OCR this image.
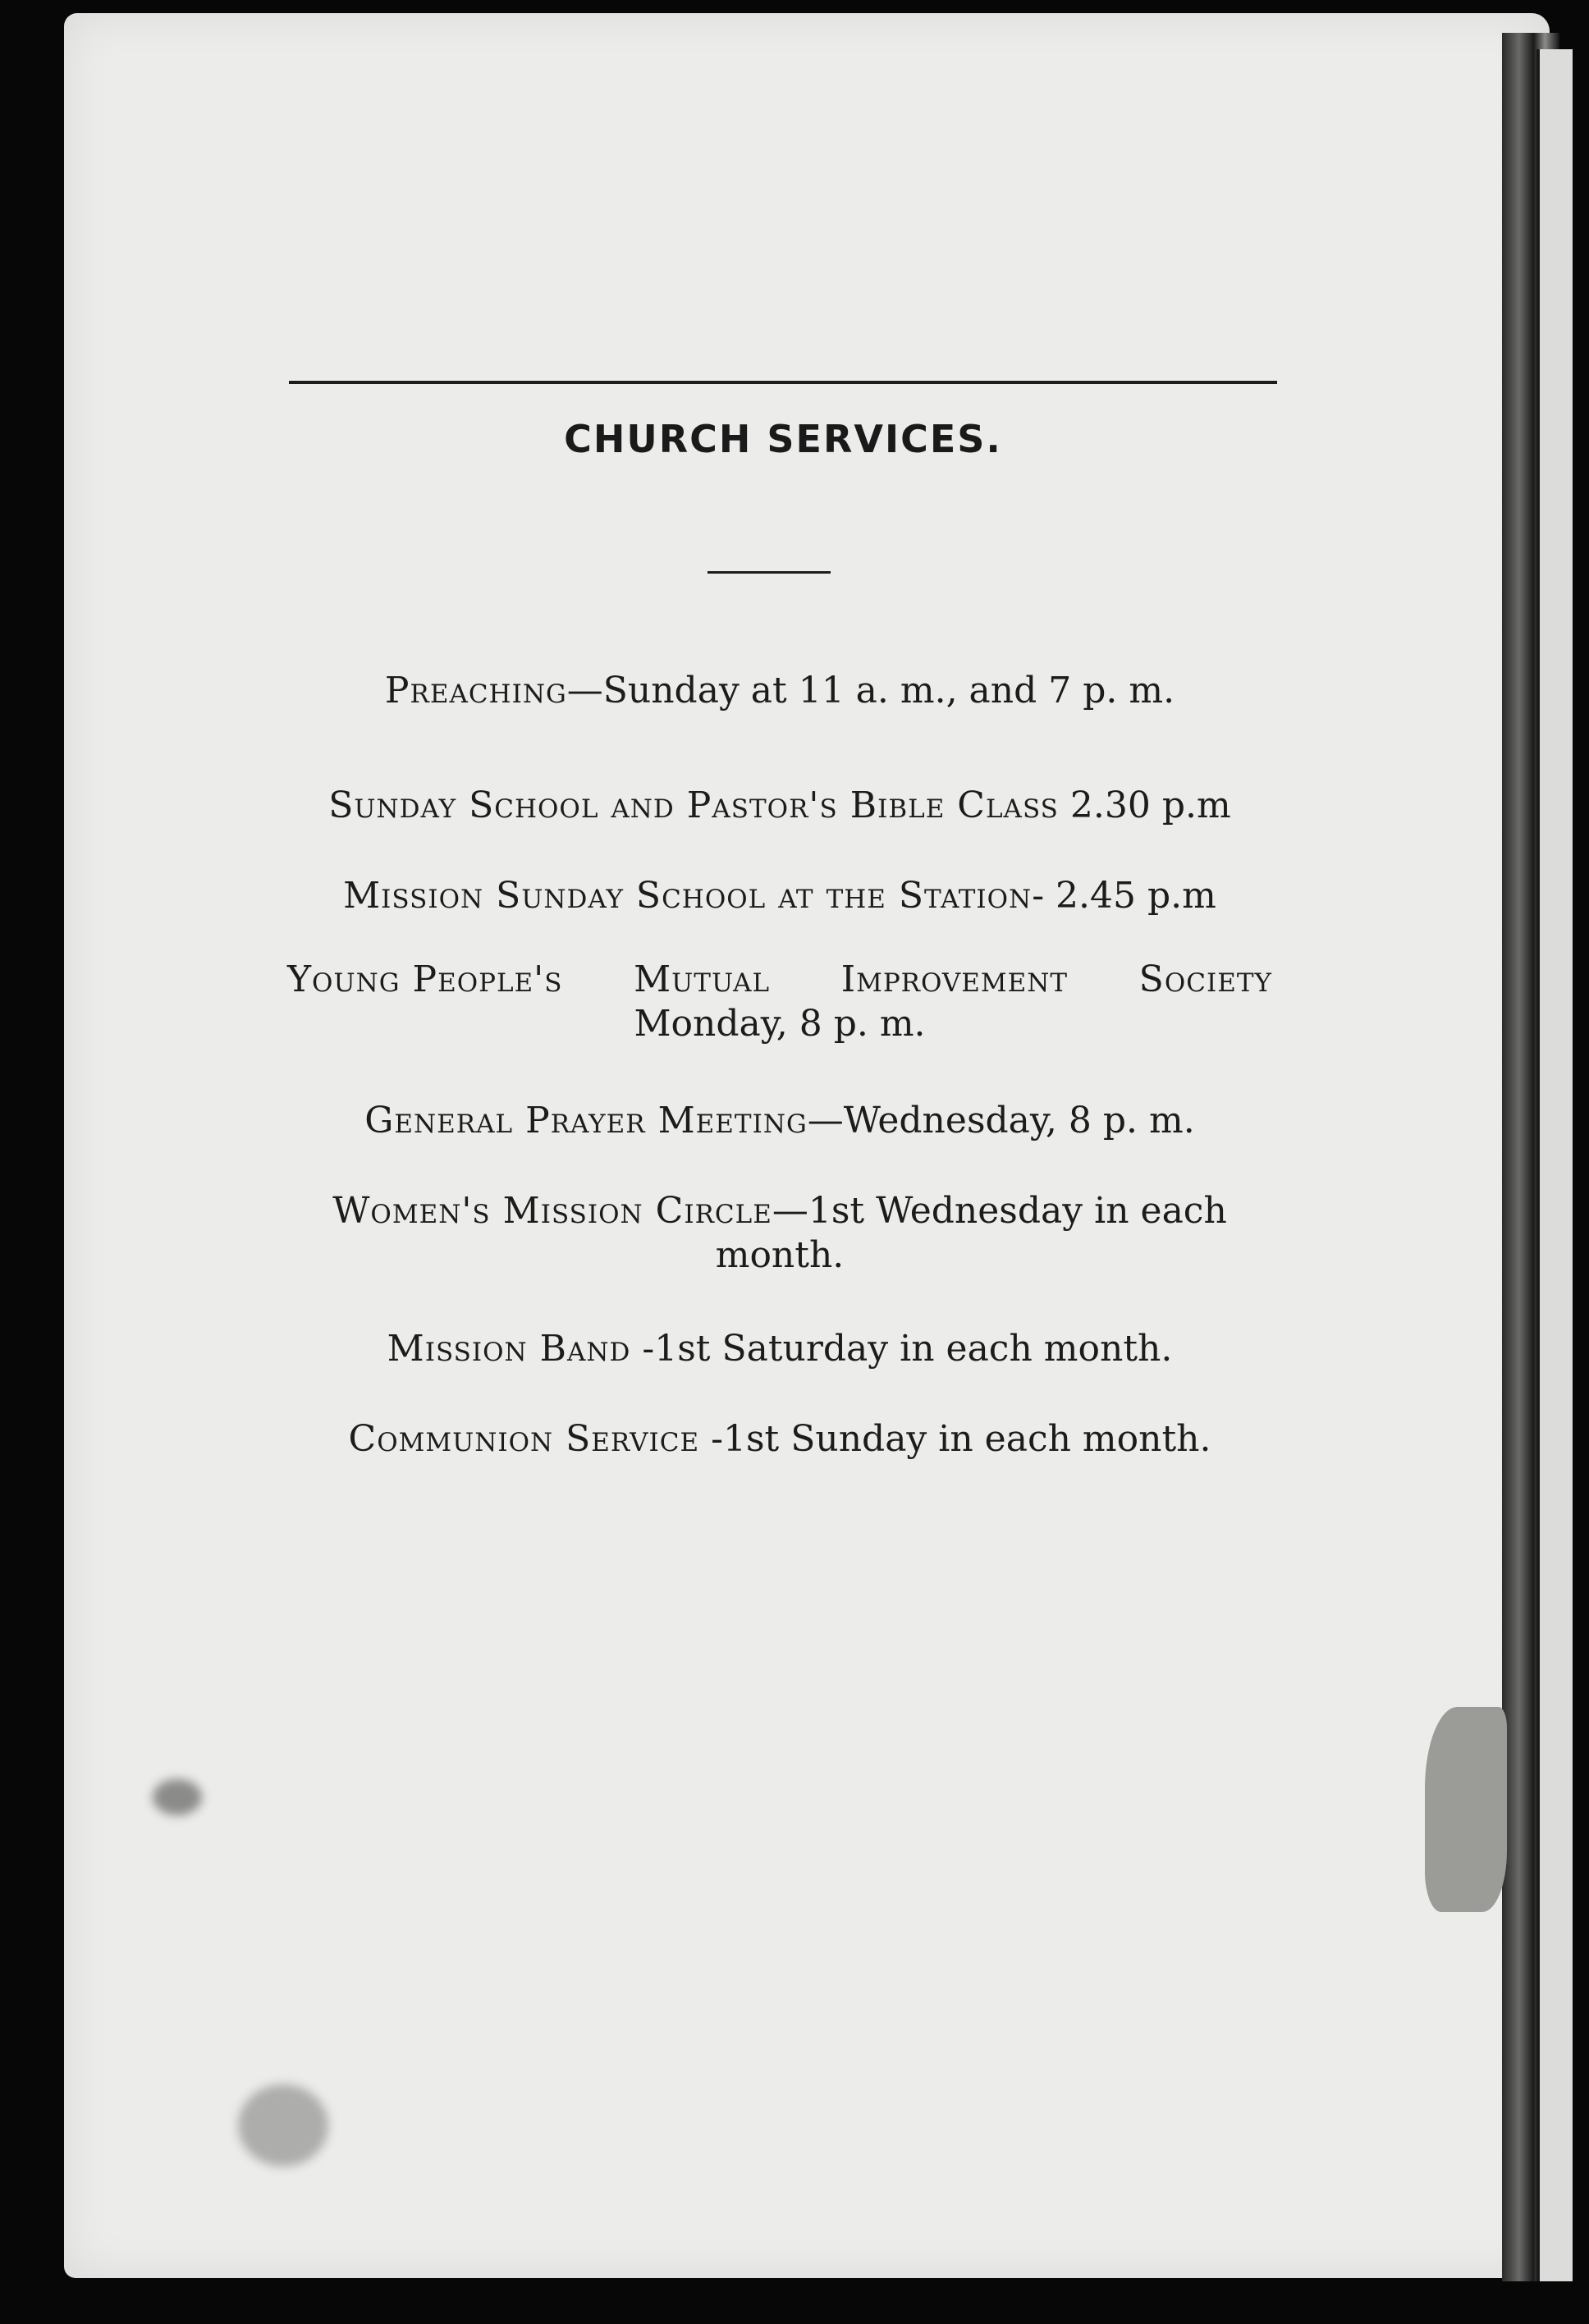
CHURCH SERVICES.
Preaching—Sunday at 11 a. m., and 7 p. m.
Sunday School and Pastor's Bible Class 2.30 p.m
Mission Sunday School at the Station- 2.45 p.m
Young People's Mutual Improvement Society
Monday, 8 p. m.
General Prayer Meeting—Wednesday, 8 p. m.
Women's Mission Circle—1st Wednesday in each
month.
Mission Band -1st Saturday in each month.
Communion Service -1st Sunday in each month.
